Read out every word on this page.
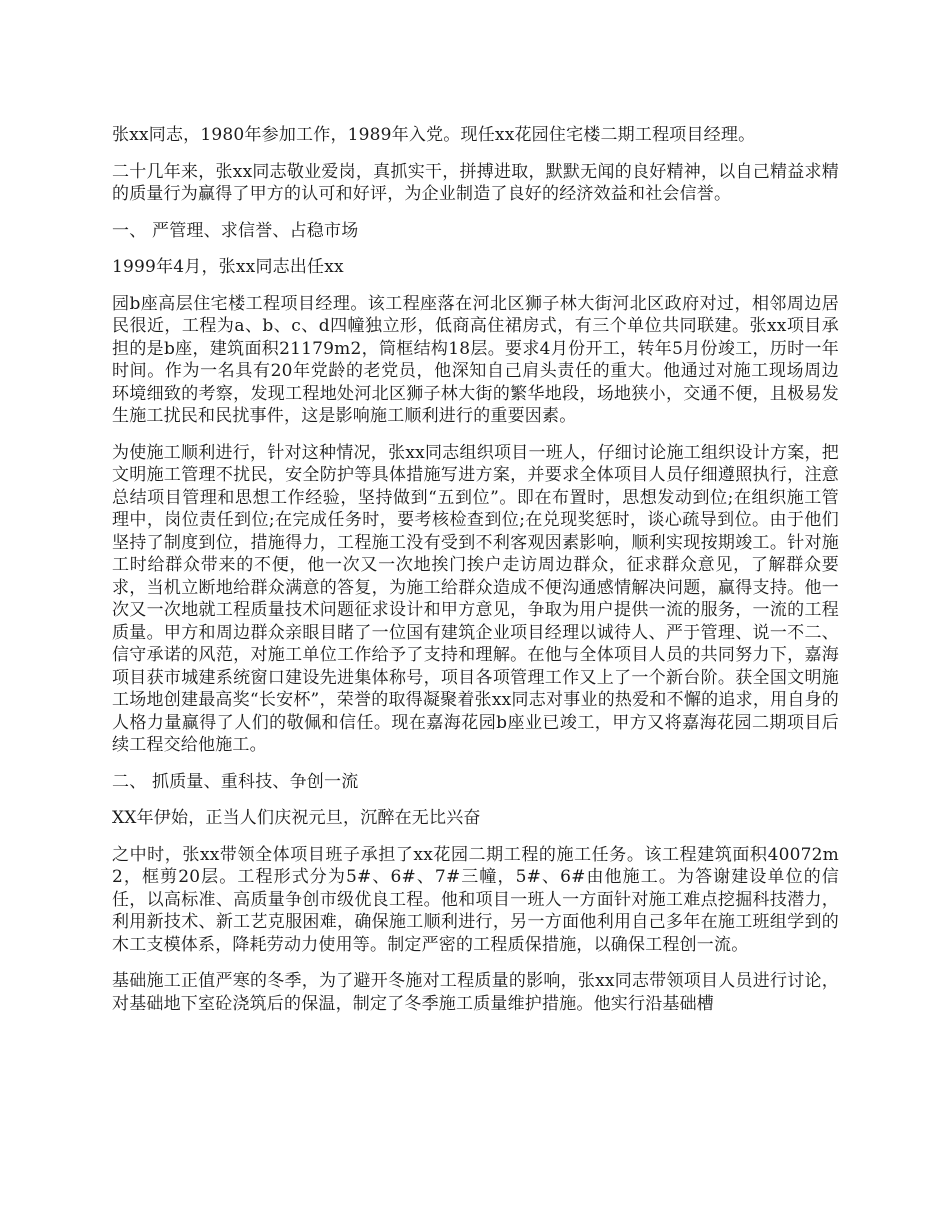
张xx同志，1980年参加工作，1989年入党。现任xx花园住宅楼二期工程项目经理。

二十几年来，张xx同志敬业爱岗，真抓实干，拼搏进取，默默无闻的良好精神，以自己精益求精的质量行为赢得了甲方的认可和好评，为企业制造了良好的经济效益和社会信誉。

一、 严管理、求信誉、占稳市场

1999年4月，张xx同志出任xx

园b座高层住宅楼工程项目经理。该工程座落在河北区狮子林大街河北区政府对过，相邻周边居民很近，工程为a、b、c、d四幢独立形，低商高住裙房式，有三个单位共同联建。张xx项目承担的是b座，建筑面积21179m2，筒框结构18层。要求4月份开工，转年5月份竣工，历时一年时间。作为一名具有20年党龄的老党员，他深知自己肩头责任的重大。他通过对施工现场周边环境细致的考察，发现工程地处河北区狮子林大街的繁华地段，场地狭小，交通不便，且极易发生施工扰民和民扰事件，这是影响施工顺利进行的重要因素。

为使施工顺利进行，针对这种情况，张xx同志组织项目一班人，仔细讨论施工组织设计方案，把文明施工管理不扰民，安全防护等具体措施写进方案，并要求全体项目人员仔细遵照执行，注意总结项目管理和思想工作经验，坚持做到“五到位”。即在布置时，思想发动到位;在组织施工管理中，岗位责任到位;在完成任务时，要考核检查到位;在兑现奖惩时，谈心疏导到位。由于他们坚持了制度到位，措施得力，工程施工没有受到不利客观因素影响，顺利实现按期竣工。针对施工时给群众带来的不便，他一次又一次地挨门挨户走访周边群众，征求群众意见，了解群众要求，当机立断地给群众满意的答复，为施工给群众造成不便沟通感情解决问题，赢得支持。他一次又一次地就工程质量技术问题征求设计和甲方意见，争取为用户提供一流的服务，一流的工程质量。甲方和周边群众亲眼目睹了一位国有建筑企业项目经理以诚待人、严于管理、说一不二、信守承诺的风范，对施工单位工作给予了支持和理解。在他与全体项目人员的共同努力下，嘉海项目获市城建系统窗口建设先进集体称号，项目各项管理工作又上了一个新台阶。获全国文明施工场地创建最高奖“长安杯”，荣誉的取得凝聚着张xx同志对事业的热爱和不懈的追求，用自身的人格力量赢得了人们的敬佩和信任。现在嘉海花园b座业已竣工，甲方又将嘉海花园二期项目后续工程交给他施工。

二、 抓质量、重科技、争创一流

XX年伊始，正当人们庆祝元旦，沉醉在无比兴奋

之中时，张xx带领全体项目班子承担了xx花园二期工程的施工任务。该工程建筑面积40072m2，框剪20层。工程形式分为5#、6#、7#三幢，5#、6#由他施工。为答谢建设单位的信任，以高标准、高质量争创市级优良工程。他和项目一班人一方面针对施工难点挖掘科技潜力，利用新技术、新工艺克服困难，确保施工顺利进行，另一方面他利用自己多年在施工班组学到的木工支模体系，降耗劳动力使用等。制定严密的工程质保措施，以确保工程创一流。

基础施工正值严寒的冬季，为了避开冬施对工程质量的影响，张xx同志带领项目人员进行讨论，对基础地下室砼浇筑后的保温，制定了冬季施工质量维护措施。他实行沿基础槽
